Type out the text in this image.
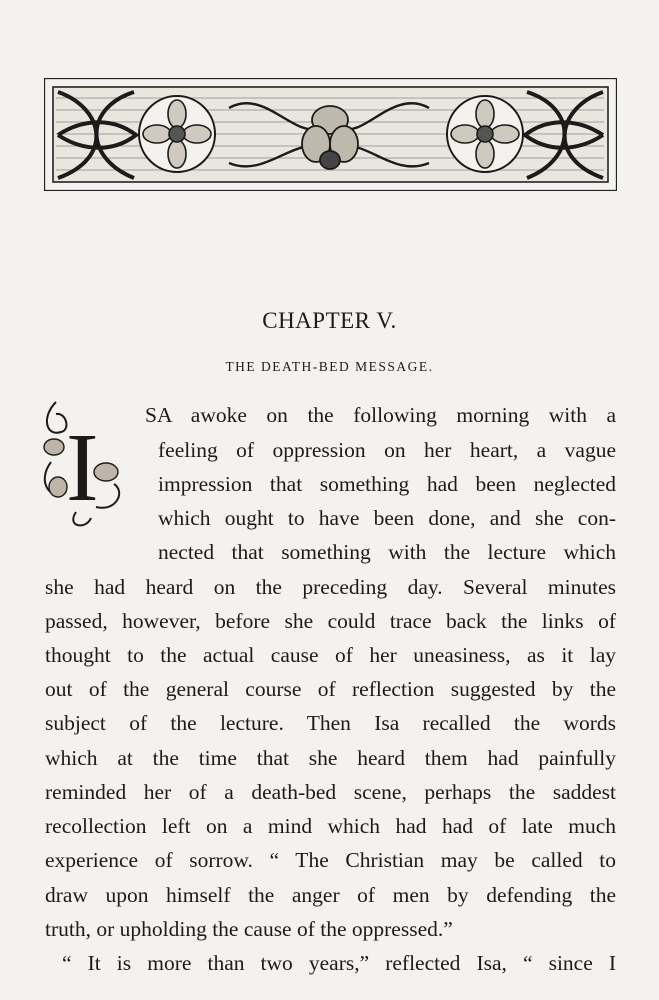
CHAPTER V.
THE DEATH-BED MESSAGE.
I SA awoke on the following morning with a
feeling of oppression on her heart, a vague
impression that something had been neglected
which ought to have been done, and she con-
nected that something with the lecture which
she had heard on the preceding day. Several minutes
passed, however, before she could trace back the links of
thought to the actual cause of her uneasiness, as it lay
out of the general course of reflection suggested by the
subject of the lecture. Then Isa recalled the words
which at the time that she heard them had painfully
reminded her of a death-bed scene, perhaps the saddest
recollection left on a mind which had had of late much
experience of sorrow. “ The Christian may be called to
draw upon himself the anger of men by defending the
truth, or upholding the cause of the oppressed.”
“ It is more than two years,” reflected Isa, “ since I
